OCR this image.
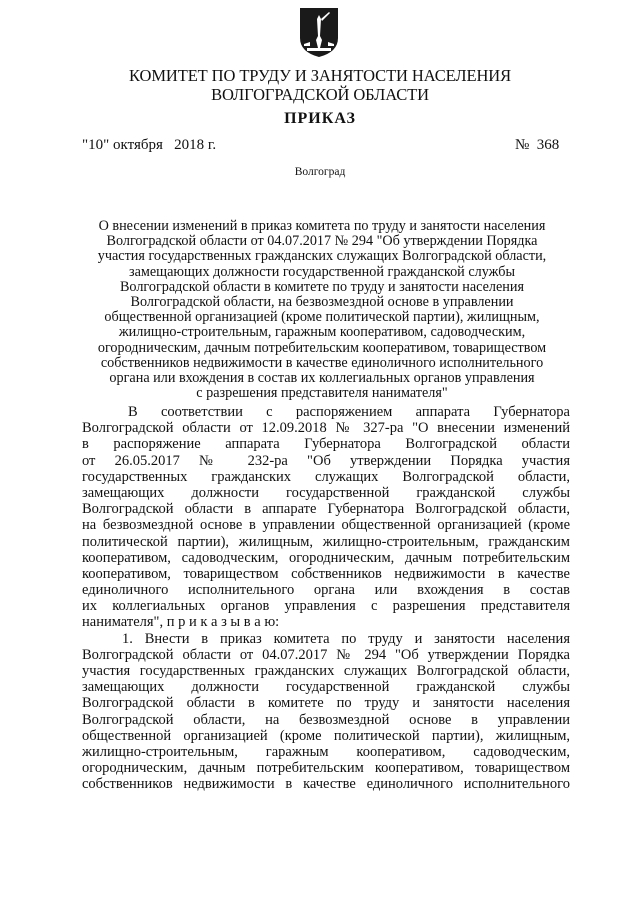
КОМИТЕТ ПО ТРУДУ И ЗАНЯТОСТИ НАСЕЛЕНИЯ
ВОЛГОГРАДСКОЙ ОБЛАСТИ
ПРИКАЗ
"10" октября   2018 г.	№  368
Волгоград
О внесении изменений в приказ комитета по труду и занятости населения
Волгоградской области от 04.07.2017 № 294 "Об утверждении Порядка
участия государственных гражданских служащих Волгоградской области,
замещающих должности государственной гражданской службы
Волгоградской области в комитете по труду и занятости населения
Волгоградской области, на безвозмездной основе в управлении
общественной организацией (кроме политической партии), жилищным,
жилищно-строительным, гаражным кооперативом, садоводческим,
огородническим, дачным потребительским кооперативом, товариществом
собственников недвижимости в качестве единоличного исполнительного
органа или вхождения в состав их коллегиальных органов управления
с разрешения представителя нанимателя"
В соответствии с распоряжением аппарата Губернатора
Волгоградской области от 12.09.2018 № 327-ра "О внесении изменений
в распоряжение аппарата Губернатора Волгоградской области
от 26.05.2017 № 232-ра "Об утверждении Порядка участия
государственных гражданских служащих Волгоградской области,
замещающих должности государственной гражданской службы
Волгоградской области в аппарате Губернатора Волгоградской области,
на безвозмездной основе в управлении общественной организацией (кроме
политической партии), жилищным, жилищно-строительным, гражданским
кооперативом, садоводческим, огородническим, дачным потребительским
кооперативом, товариществом собственников недвижимости в качестве
единоличного исполнительного органа или вхождения в состав
их коллегиальных органов управления с разрешения представителя
нанимателя", п р и к а з ы в а ю:
1. Внести в приказ комитета по труду и занятости населения
Волгоградской области от 04.07.2017 № 294 "Об утверждении Порядка
участия государственных гражданских служащих Волгоградской области,
замещающих должности государственной гражданской службы
Волгоградской области в комитете по труду и занятости населения
Волгоградской области, на безвозмездной основе в управлении
общественной организацией (кроме политической партии), жилищным,
жилищно-строительным, гаражным кооперативом, садоводческим,
огородническим, дачным потребительским кооперативом, товариществом
собственников недвижимости в качестве единоличного исполнительного
